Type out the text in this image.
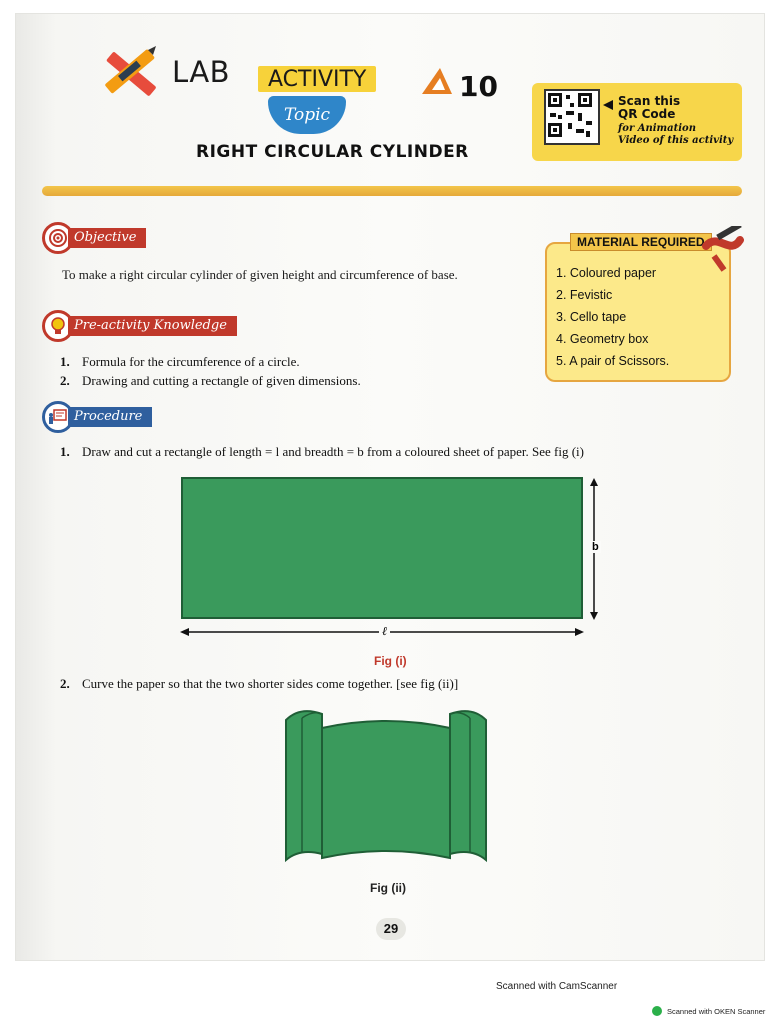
LAB	ACTIVITY	10
Topic
RIGHT CIRCULAR CYLINDER
Scan this
QR Code
for Animation
Video of this activity
Objective
To make a right circular cylinder of given height and circumference of base.
MATERIAL REQUIRED
1. Coloured paper
2. Fevistic
3. Cello tape
4. Geometry box
5. A pair of Scissors.
Pre-activity Knowledge
1. Formula for the circumference of a circle.
2. Drawing and cutting a rectangle of given dimensions.
Procedure
1. Draw and cut a rectangle of length = l and breadth = b from a coloured sheet of paper. See fig (i)
b
ℓ
Fig (i)
2. Curve the paper so that the two shorter sides come together. [see fig (ii)]
Fig (ii)
29
Scanned with CamScanner
Scanned with OKEN Scanner
